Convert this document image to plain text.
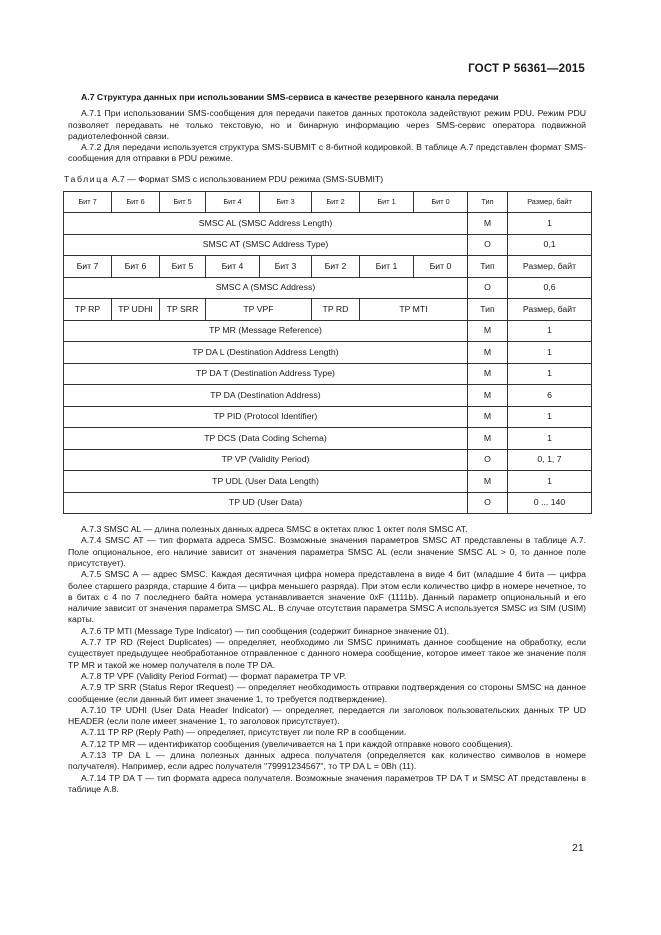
ГОСТ Р 56361—2015

А.7 Структура данных при использовании SMS-сервиса в качестве резервного канала передачи

А.7.1 При использовании SMS-сообщения для передачи пакетов данных протокола задействуют режим PDU. Режим PDU позволяет передавать не только текстовую, но и бинарную информацию через SMS-сервис оператора подвижной радиотелефонной связи.

А.7.2 Для передачи используется структура SMS-SUBMIT с 8-битной кодировкой. В таблице А.7 представлен формат SMS-сообщения для отправки в PDU режиме.

Таблица А.7 — Формат SMS с использованием PDU режима (SMS-SUBMIT)

Бит 7	Бит 6	Бит 5	Бит 4	Бит 3	Бит 2	Бит 1	Бит 0	Тип	Размер, байт
SMSC AL (SMSC Address Length)								М	1
SMSC AT (SMSC Address Type)								О	0,1
Бит 7	Бит 6	Бит 5	Бит 4	Бит 3	Бит 2	Бит 1	Бит 0	Тип	Размер, байт
SMSC A (SMSC Address)								О	0,6
TP RP	TP UDHI	TP SRR	TP VPF		TP RD	TP MTI		Тип	Размер, байт
TP MR (Message Reference)								М	1
TP DA L (Destination Address Length)								М	1
TP DA T (Destination Address Type)								М	1
TP DA (Destination Address)								М	6
TP PID (Protocol Identifier)								М	1
TP DCS (Data Coding Schema)								М	1
TP VP (Validity Period)								О	0, 1, 7
TP UDL (User Data Length)								М	1
TP UD (User Data)								О	0 ... 140

А.7.3 SMSC AL — длина полезных данных адреса SMSC в октетах плюс 1 октет поля SMSC AT.

А.7.4 SMSC AT — тип формата адреса SMSC. Возможные значения параметров SMSC AT представлены в таблице А.7. Поле опциональное, его наличие зависит от значения параметра SMSC AL (если значение SMSC AL > 0, то данное поле присутствует).

А.7.5 SMSC A — адрес SMSC. Каждая десятичная цифра номера представлена в виде 4 бит (младшие 4 бита — цифра более старшего разряда, старшие 4 бита — цифра меньшего разряда). При этом если количество цифр в номере нечетное, то в битах с 4 по 7 последнего байта номера устанавливается значение 0xF (1111b). Данный параметр опциональный и его наличие зависит от значения параметра SMSC AL. В случае отсутствия параметра SMSC A используется SMSC из SIM (USIM) карты.

А.7.6 TP MTI (Message Type Indicator) — тип сообщения (содержит бинарное значение 01).

А.7.7 TP RD (Reject Duplicates) — определяет, необходимо ли SMSC принимать данное сообщение на обработку, если существует предыдущее необработанное отправленное с данного номера сообщение, которое имеет такое же значение поля TP MR и такой же номер получателя в поле TP DA.

А.7.8 TP VPF (Validity Period Format) — формат параметра TP VP.

А.7.9 TP SRR (Status Repor tRequest) — определяет необходимость отправки подтверждения со стороны SMSC на данное сообщение (если данный бит имеет значение 1, то требуется подтверждение).

А.7.10 TP UDHI (User Data Header Indicator) — определяет, передается ли заголовок пользовательских данных TP UD HEADER (если поле имеет значение 1, то заголовок присутствует).

А.7.11 TP RP (Reply Path) — определяет, присутствует ли поле RP в сообщении.

А.7.12 TP MR — идентификатор сообщения (увеличивается на 1 при каждой отправке нового сообщения).

А.7.13 TP DA L — длина полезных данных адреса получателя (определяется как количество символов в номере получателя). Например, если адрес получателя "79991234567", то TP DA L = 0Bh (11).

А.7.14 TP DA T — тип формата адреса получателя. Возможные значения параметров TP DA T и SMSC AT представлены в таблице А.8.

21
